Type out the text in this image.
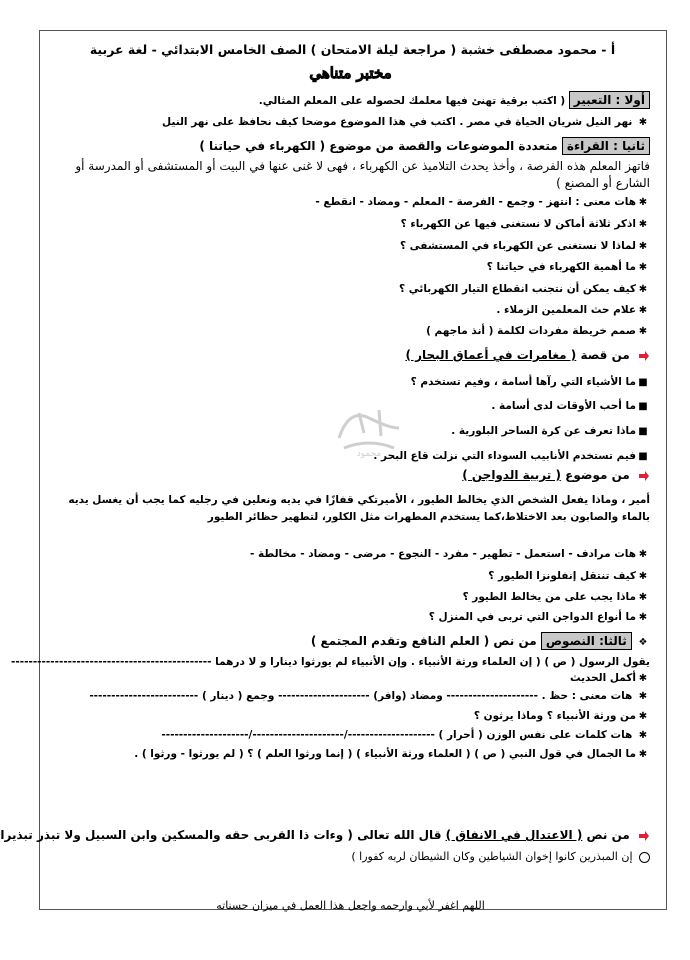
أ - محمود مصطفى خشبة ( مراجعة ليلة الامتحان ) الصف الخامس الابتدائي - لغة عربية
مختبر متناهي
أولا : التعبير ( اكتب برقية تهنئ فيها معلمك لحصوله على المعلم المثالي.
✱ نهر النيل شريان الحياة في مصر . اكتب في هذا الموضوع موضحا كيف نحافظ على نهر النيل
ثانيا : القراءة متعددة الموضوعات والقصة من موضوع ( الكهرباء في حياتنا )
فاتهز المعلم هذه الفرصة ، وأخذ يحدث التلاميذ عن الكهرباء ، فهى لا غنى عنها في البيت أو المستشفى أو المدرسة أو الشارع أو المصنع )
✱هات معنى : انتهز - وجمع - الفرصة - المعلم - ومضاد - انقطع -
✱اذكر ثلاثة أماكن لا نستغنى فيها عن الكهرباء ؟
✱لماذا لا نستغنى عن الكهرباء في المستشفى ؟
✱ما أهمية الكهرباء في حياتنا ؟
✱كيف يمكن أن نتجنب انقطاع التيار الكهربائي ؟
✱علام حث المعلمين الزملاء .
✱صمم خريطة مفردات لكلمة ( أنذ ماجهم )
من قصة ( مغامرات في أعماق البحار )
■ما الأشياء التي رآها أسامة ، وفيم تستخدم ؟
■ما أحب الأوقات لدى أسامة .
■ماذا تعرف عن كرة الساحر البلورية .
■فيم تستخدم الأنابيب السوداء التي نزلت قاع البحر .
محمود
من موضوع ( تربية الدواجن )
أمير ، وماذا يفعل الشخص الذي يخالط الطيور ، الأميرتكي قفازًا في يديه ونعلين في رجليه كما يجب أن يغسل يديه بالماء والصابون بعد الاختلاط،كما يستخدم المطهرات مثل الكلور، لتطهير حظائر الطيور
✱هات مرادف - استعمل - تطهير - مفرد - النجوع - مرضى - ومضاد - مخالطة -
✱كيف تنتقل إنفلونزا الطيور ؟
✱ماذا يجب على من يخالط الطيور ؟
✱ما أنواع الدواجن التي تربى في المنزل ؟
❖ ثالثا: النصوص من نص ( العلم النافع وتقدم المجتمع )
يقول الرسول ( ص ) ( إن العلماء ورثة الأنبياء . وإن الأنبياء لم يورثوا دينارا و لا درهما ----------------------------------------------
✱أكمل الحديث
✱ هات معنى : حظ . --------------------- ومضاد (وافر) --------------------- وجمع ( دينار ) -------------------------
✱من ورثة الأنبياء ؟ وماذا يرثون ؟
✱ هات كلمات على نفس الوزن ( أحرار ) --------------------/---------------------/--------------------
✱ما الجمال في قول النبي ( ص ) ( العلماء ورثة الأنبياء ) ( إنما ورثوا العلم ) ؟ ( لم يورثوا - ورثوا ) .
من نص ( الاعتدال في الانفاق ) قال الله تعالى ( وءات ذا القربى حقه والمسكين وابن السبيل ولا تبذر تبذيرا
إن المبذرين كانوا إخوان الشياطين وكان الشيطان لربه كفورا )
اللهم اغفر لأبي وارحمه واجعل هذا العمل في ميزان حسناته
